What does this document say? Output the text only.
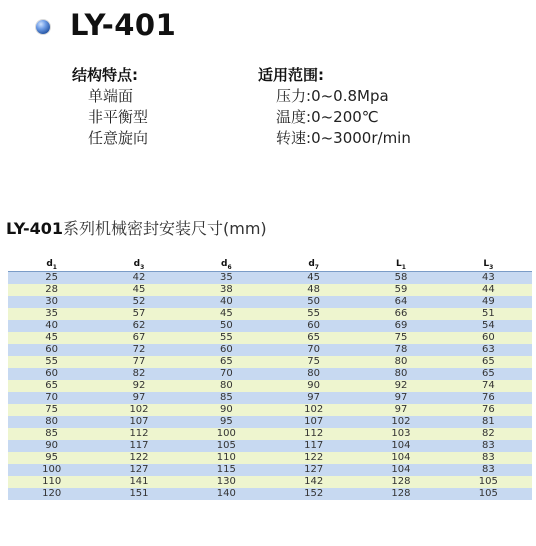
LY-401
结构特点:
单端面
非平衡型
任意旋向
适用范围:
压力:0~0.8Mpa
温度:0~200℃
转速:0~3000r/min
LY-401系列机械密封安装尺寸(mm)
$d_1$	$d_3$	$d_6$	$d_7$	$L_1$	$L_3$
25	42	35	45	58	43
28	45	38	48	59	44
30	52	40	50	64	49
35	57	45	55	66	51
40	62	50	60	69	54
45	67	55	65	75	60
60	72	60	70	78	63
55	77	65	75	80	65
60	82	70	80	80	65
65	92	80	90	92	74
70	97	85	97	97	76
75	102	90	102	97	76
80	107	95	107	102	81
85	112	100	112	103	82
90	117	105	117	104	83
95	122	110	122	104	83
100	127	115	127	104	83
110	141	130	142	128	105
120	151	140	152	128	105
